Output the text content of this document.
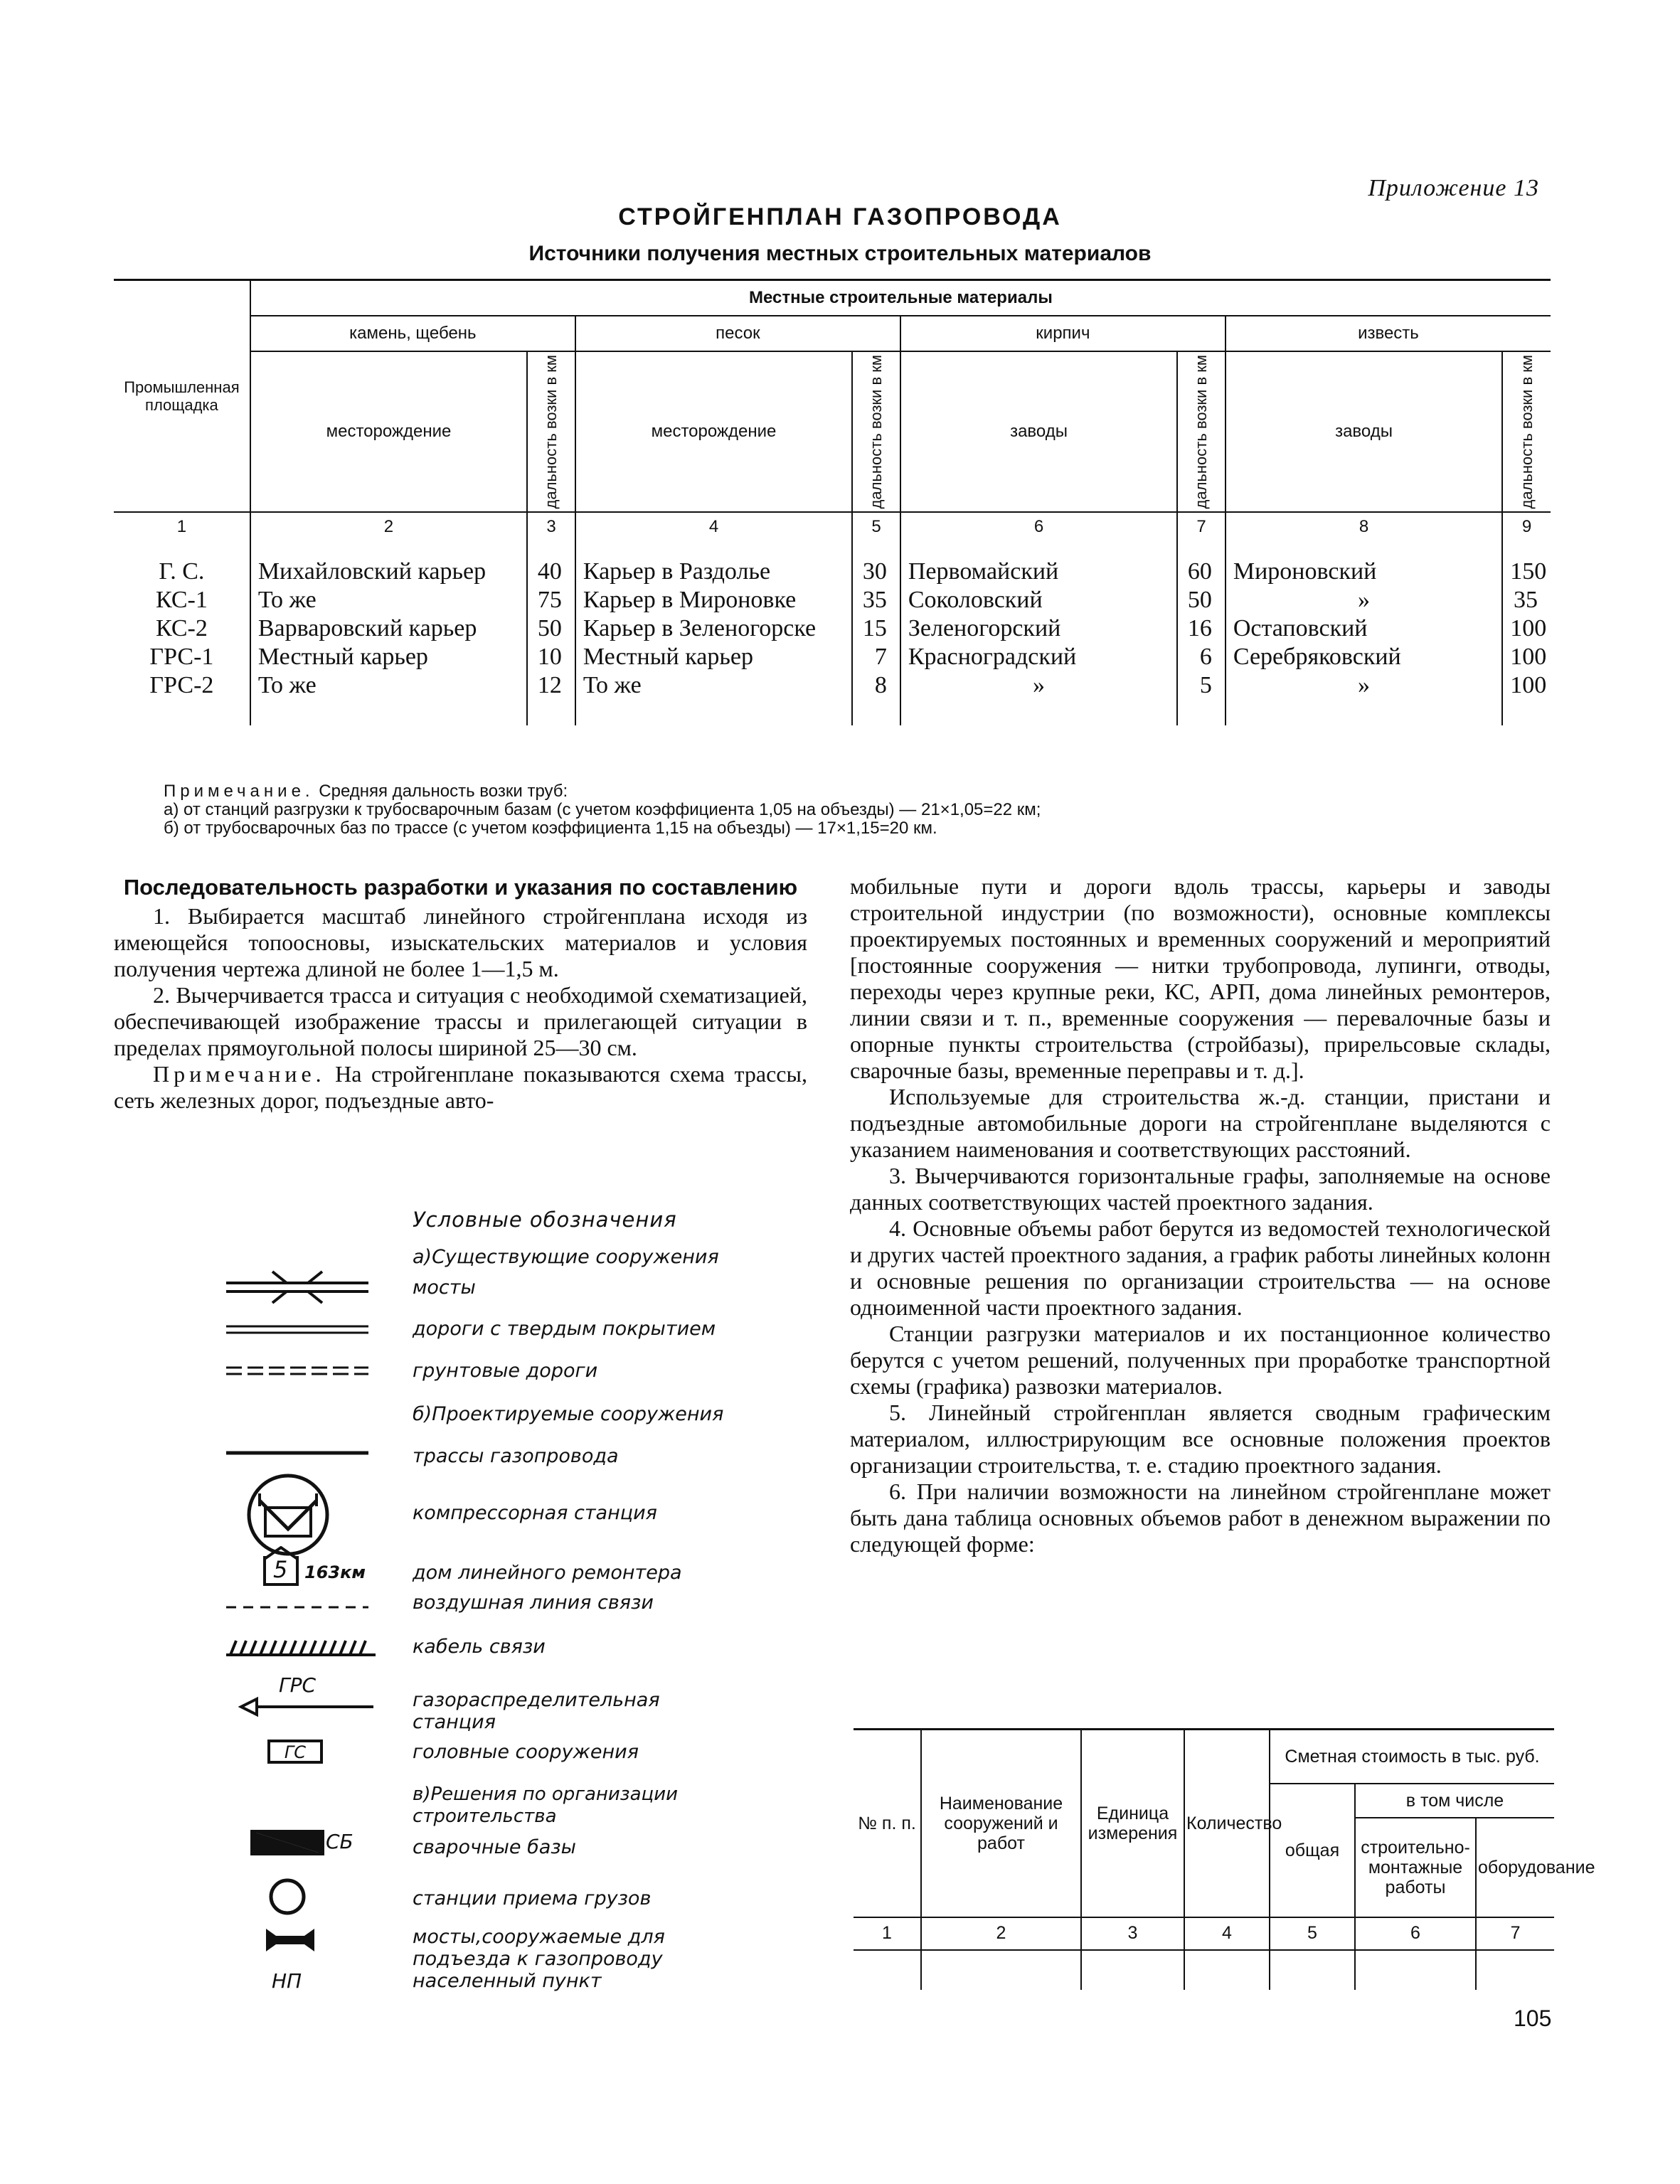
Приложение 13
СТРОЙГЕНПЛАН ГАЗОПРОВОДА
Источники получения местных строительных материалов
Промышленная площадка	Местные строительные материалы							
	камень, щебень		песок		кирпич		известь	
	месторождение	дальность возки в км	месторождение	дальность возки в км	заводы	дальность возки в км	заводы	дальность возки в км

1	2	3	4	5	6	7	8	9

Г. С.	Михайловский карьер	40	Карьер в Раздолье	30	Первомайский	60	Мироновский	150
КС-1	То же	75	Карьер в Мироновке	35	Соколовский	50	»	35
КС-2	Варваровский карьер	50	Карьер в Зеленогорске	15	Зеленогорский	16	Остаповский	100
ГРС-1	Местный карьер	10	Местный карьер	7	Красноградский	6	Серебряковский	100
ГРС-2	То же	12	То же	8	»	5	»	100
Примечание. Средняя дальность возки труб:
а) от станций разгрузки к трубосварочным базам (с учетом коэффициента 1,05 на объезды) — 21×1,05=22 км;
б) от трубосварочных баз по трассе (с учетом коэффициента 1,15 на объезды) — 17×1,15=20 км.
Последовательность разработки и указания по составлению

1. Выбирается масштаб линейного стройгенплана исходя из имеющейся топоосновы, изыскательских материалов и условия получения чертежа длиной не более 1—1,5 м.

2. Вычерчивается трасса и ситуация с необходимой схематизацией, обеспечивающей изображение трассы и прилегающей ситуации в пределах прямоугольной полосы шириной 25—30 см.

Примечание. На стройгенплане показываются схема трассы, сеть железных дорог, подъездные авто-

Условные обозначения
а)Существующие сооружения
мосты
дороги с твердым покрытием
грунтовые дороги
б)Проектируемые сооружения
трассы газопровода
компрессорная станция
5 163км дом линейного ремонтера
воздушная линия связи
кабель связи
ГРС
газораспределительная станция
ГС	головные сооружения
в)Решения по организации строительства
СБ	сварочные базы
станции приема грузов
мосты,сооружаемые для подъезда к газопроводу
НП	населенный пункт

мобильные пути и дороги вдоль трассы, карьеры и заводы строительной индустрии (по возможности), основные комплексы проектируемых постоянных и временных сооружений и мероприятий [постоянные сооружения — нитки трубопровода, лупинги, отводы, переходы через крупные реки, КС, АРП, дома линейных ремонтеров, линии связи и т. п., временные сооружения — перевалочные базы и опорные пункты строительства (стройбазы), прирельсовые склады, сварочные базы, временные переправы и т. д.].

Используемые для строительства ж.-д. станции, пристани и подъездные автомобильные дороги на стройгенплане выделяются с указанием наименования и соответствующих расстояний.

3. Вычерчиваются горизонтальные графы, заполняемые на основе данных соответствующих частей проектного задания.

4. Основные объемы работ берутся из ведомостей технологической и других частей проектного задания, а график работы линейных колонн и основные решения по организации строительства — на основе одноименной части проектного задания.

Станции разгрузки материалов и их постанционное количество берутся с учетом решений, полученных при проработке транспортной схемы (графика) развозки материалов.

5. Линейный стройгенплан является сводным графическим материалом, иллюстрирующим все основные положения проектов организации строительства, т. е. стадию проектного задания.

6. При наличии возможности на линейном стройгенплане может быть дана таблица основных объемов работ в денежном выражении по следующей форме:

№ п. п.	Наименование сооружений и работ	Единица измерения	Количество	Сметная стоимость в тыс. руб.		
				общая	в том числе	
					строительно-монтажные работы	оборудование
1	2	3	4	5	6	7

105
